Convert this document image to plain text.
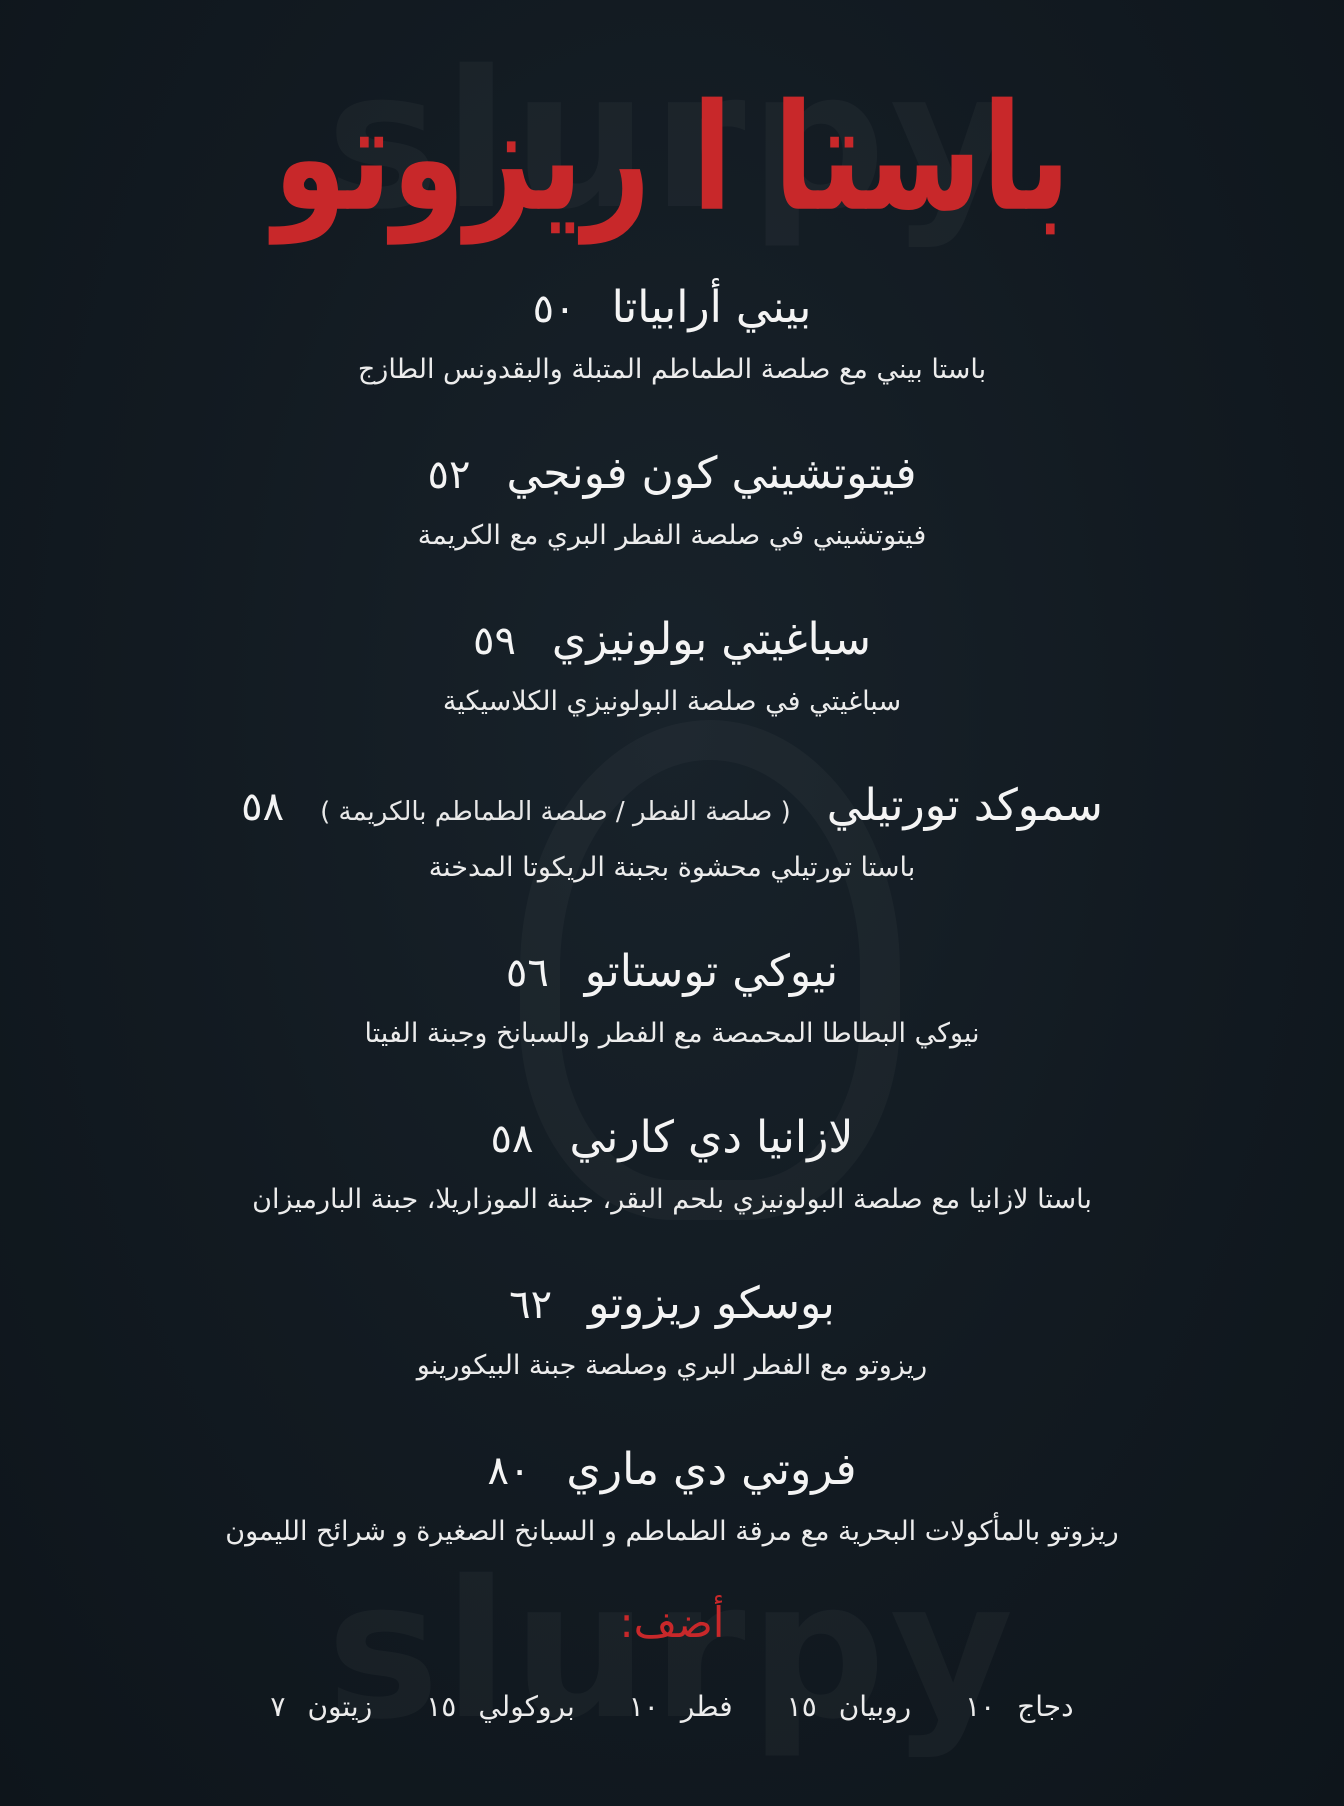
باستا ا ريزوتو
بيني أرابياتا
٥٠
باستا بيني مع صلصة الطماطم المتبلة والبقدونس الطازج
فيتوتشيني كون فونجي
٥٢
فيتوتشيني في صلصة الفطر البري مع الكريمة
سباغيتي بولونيزي
٥٩
سباغيتي في صلصة البولونيزي الكلاسيكية
سموكد تورتيلي
( صلصة الفطر / صلصة الطماطم بالكريمة )
٥٨
باستا تورتيلي محشوة بجبنة الريكوتا المدخنة
نيوكي توستاتو
٥٦
نيوكي البطاطا المحمصة مع الفطر والسبانخ وجبنة الفيتا
لازانيا دي كارني
٥٨
باستا لازانيا مع صلصة البولونيزي بلحم البقر، جبنة الموزاريلا، جبنة البارميزان
بوسكو ريزوتو
٦٢
ريزوتو مع الفطر البري وصلصة جبنة البيكورينو
فروتي دي ماري
٨٠
ريزوتو بالمأكولات البحرية مع مرقة الطماطم و السبانخ الصغيرة و شرائح الليمون
أضف:
دجاج
١٠
روبيان
١٥
فطر
١٠
بروكولي
١٥
زيتون
٧
